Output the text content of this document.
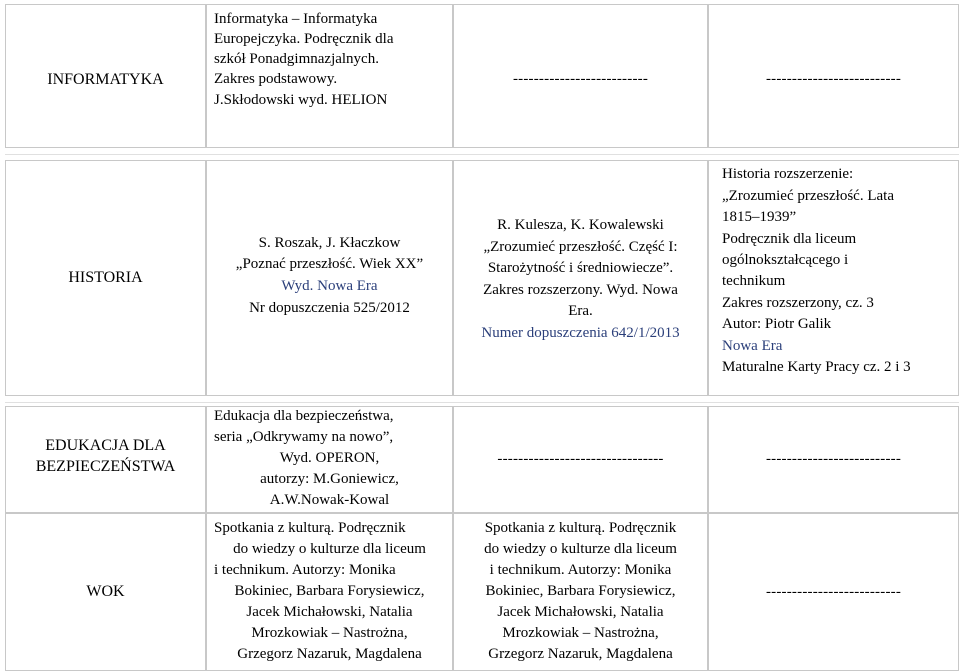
INFORMATYKA
Informatyka – Informatyka
Europejczyka. Podręcznik dla
szkół Ponadgimnazjalnych.
Zakres podstawowy.
J.Skłodowski wyd. HELION
--------------------------	--------------------------
HISTORIA
S. Roszak, J. Kłaczkow
„Poznać przeszłość. Wiek XX”
Wyd. Nowa Era
Nr dopuszczenia 525/2012
R. Kulesza, K. Kowalewski
„Zrozumieć przeszłość. Część I:
Starożytność i średniowiecze”.
Zakres rozszerzony. Wyd. Nowa
Era.
Numer dopuszczenia 642/1/2013
Historia rozszerzenie:
„Zrozumieć przeszłość. Lata
1815–1939”
Podręcznik dla liceum
ogólnokształcącego i
technikum
Zakres rozszerzony, cz. 3
Autor: Piotr Galik
Nowa Era
Maturalne Karty Pracy cz. 2 i 3
EDUKACJA DLA
BEZPIECZEŃSTWA
Edukacja dla bezpieczeństwa,
seria „Odkrywamy na nowo”,
Wyd. OPERON,
autorzy: M.Goniewicz,
A.W.Nowak-Kowal
--------------------------------	--------------------------
WOK
Spotkania z kulturą. Podręcznik
do wiedzy o kulturze dla liceum
i technikum. Autorzy: Monika
Bokiniec, Barbara Forysiewicz,
Jacek Michałowski, Natalia
Mrozkowiak – Nastrożna,
Grzegorz Nazaruk, Magdalena
Spotkania z kulturą. Podręcznik
do wiedzy o kulturze dla liceum
i technikum. Autorzy: Monika
Bokiniec, Barbara Forysiewicz,
Jacek Michałowski, Natalia
Mrozkowiak – Nastrożna,
Grzegorz Nazaruk, Magdalena
--------------------------
